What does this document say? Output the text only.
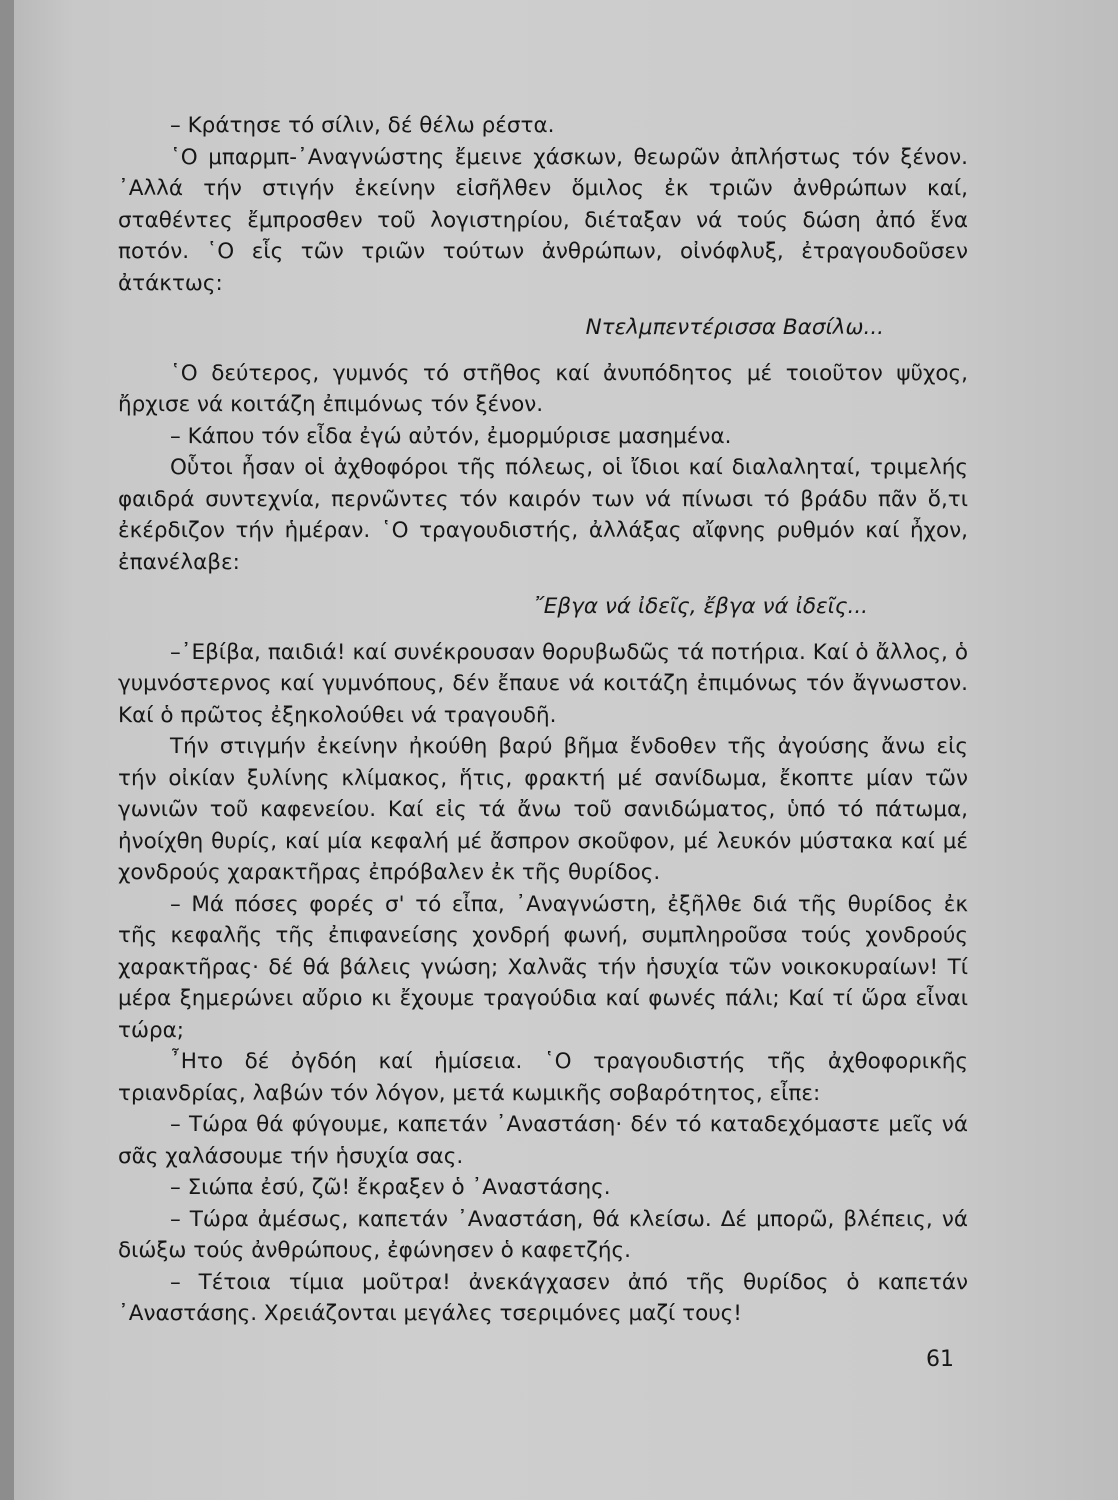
– Κράτησε τό σίλιν, δέ θέλω ρέστα.

῾Ο μπαρμπ-᾿Αναγνώστης ἔμεινε χάσκων, θεωρῶν ἀπλήστως τόν ξένον. ᾿Αλλά τήν στιγήν ἐκείνην εἰσῆλθεν ὅμιλος ἐκ τριῶν ἀνθρώπων καί, σταθέντες ἔμπροσθεν τοῦ λογιστηρίου, διέταξαν νά τούς δώση ἀπό ἕνα ποτόν. ῾Ο εἷς τῶν τριῶν τούτων ἀνθρώπων, οἰνόφλυξ, ἐτραγουδοῦσεν ἀτάκτως:

Ντελμπεντέρισσα Βασίλω...

῾Ο δεύτερος, γυμνός τό στῆθος καί ἀνυπόδητος μέ τοιοῦτον ψῦχος, ἤρχισε νά κοιτάζη ἐπιμόνως τόν ξένον.

– Κάπου τόν εἶδα ἐγώ αὐτόν, ἐμορμύρισε μασημένα.

Οὗτοι ἦσαν οἱ ἀχθοφόροι τῆς πόλεως, οἱ ἴδιοι καί διαλαληταί, τριμελής φαιδρά συντεχνία, περνῶντες τόν καιρόν των νά πίνωσι τό βράδυ πᾶν ὅ,τι ἐκέρδιζον τήν ἡμέραν. ῾Ο τραγουδιστής, ἀλλάξας αἴφνης ρυθμόν καί ἦχον, ἐπανέλαβε:

῎Εβγα νά ἰδεῖς, ἔβγα νά ἰδεῖς...

–᾿Εβίβα, παιδιά! καί συνέκρουσαν θορυβωδῶς τά ποτήρια. Καί ὁ ἄλλος, ὁ γυμνόστερνος καί γυμνόπους, δέν ἔπαυε νά κοιτάζη ἐπιμόνως τόν ἄγνωστον. Καί ὁ πρῶτος ἐξηκολούθει νά τραγουδῆ.

Τήν στιγμήν ἐκείνην ἠκούθη βαρύ βῆμα ἔνδοθεν τῆς ἀγούσης ἄνω εἰς τήν οἰκίαν ξυλίνης κλίμακος, ἥτις, φρακτή μέ σανίδωμα, ἔκοπτε μίαν τῶν γωνιῶν τοῦ καφενείου. Καί εἰς τά ἄνω τοῦ σανιδώματος, ὑπό τό πάτωμα, ἠνοίχθη θυρίς, καί μία κεφαλή μέ ἄσπρον σκοῦφον, μέ λευκόν μύστακα καί μέ χονδρούς χαρακτῆρας ἐπρόβαλεν ἐκ τῆς θυρίδος.

– Μά πόσες φορές σ' τό εἶπα, ᾿Αναγνώστη, ἐξῆλθε διά τῆς θυρίδος ἐκ τῆς κεφαλῆς τῆς ἐπιφανείσης χονδρή φωνή, συμπληροῦσα τούς χονδρούς χαρακτῆρας· δέ θά βάλεις γνώση; Χαλνᾶς τήν ἡσυχία τῶν νοικοκυραίων! Τί μέρα ξημερώνει αὔριο κι ἔχουμε τραγούδια καί φωνές πάλι; Καί τί ὥρα εἶναι τώρα;

῏Ητο δέ ὀγδόη καί ἡμίσεια. ῾Ο τραγουδιστής τῆς ἀχθοφορικῆς τριανδρίας, λαβών τόν λόγον, μετά κωμικῆς σοβαρότητος, εἶπε:

– Τώρα θά φύγουμε, καπετάν ᾿Αναστάση· δέν τό καταδεχόμαστε μεῖς νά σᾶς χαλάσουμε τήν ἡσυχία σας.

– Σιώπα ἐσύ, ζῶ! ἔκραξεν ὁ ᾿Αναστάσης.

– Τώρα ἀμέσως, καπετάν ᾿Αναστάση, θά κλείσω. Δέ μπορῶ, βλέπεις, νά διώξω τούς ἀνθρώπους, ἐφώνησεν ὁ καφετζής.

– Τέτοια τίμια μοῦτρα! ἀνεκάγχασεν ἀπό τῆς θυρίδος ὁ καπετάν ᾿Αναστάσης. Χρειάζονται μεγάλες τσεριμόνες μαζί τους!

61
